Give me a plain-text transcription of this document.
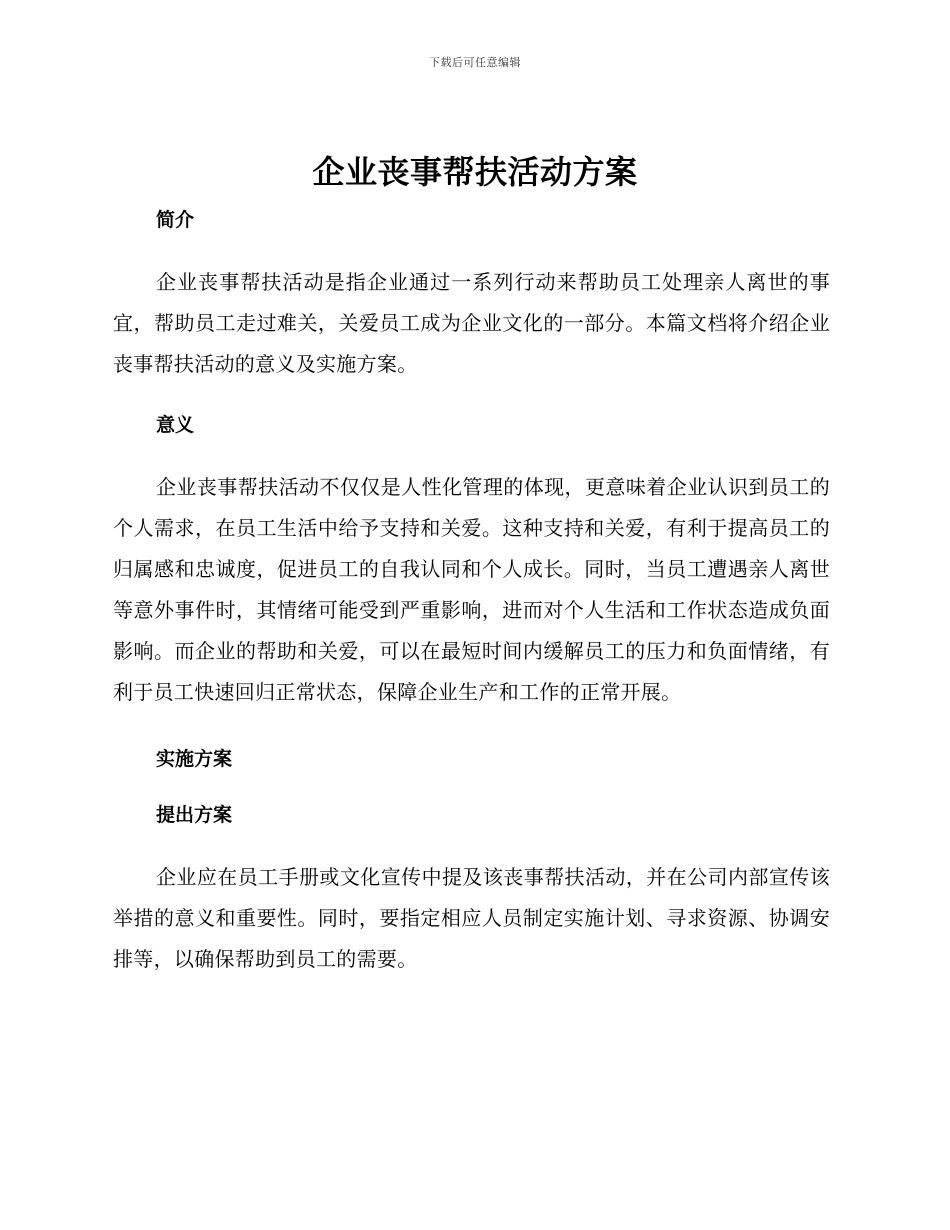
下载后可任意编辑
企业丧事帮扶活动方案
简介

企业丧事帮扶活动是指企业通过一系列行动来帮助员工处理亲人离世的事宜，帮助员工走过难关，关爱员工成为企业文化的一部分。本篇文档将介绍企业丧事帮扶活动的意义及实施方案。

意义

企业丧事帮扶活动不仅仅是人性化管理的体现，更意味着企业认识到员工的个人需求，在员工生活中给予支持和关爱。这种支持和关爱，有利于提高员工的归属感和忠诚度，促进员工的自我认同和个人成长。同时，当员工遭遇亲人离世等意外事件时，其情绪可能受到严重影响，进而对个人生活和工作状态造成负面影响。而企业的帮助和关爱，可以在最短时间内缓解员工的压力和负面情绪，有利于员工快速回归正常状态，保障企业生产和工作的正常开展。

实施方案
提出方案

企业应在员工手册或文化宣传中提及该丧事帮扶活动，并在公司内部宣传该举措的意义和重要性。同时，要指定相应人员制定实施计划、寻求资源、协调安排等，以确保帮助到员工的需要。
